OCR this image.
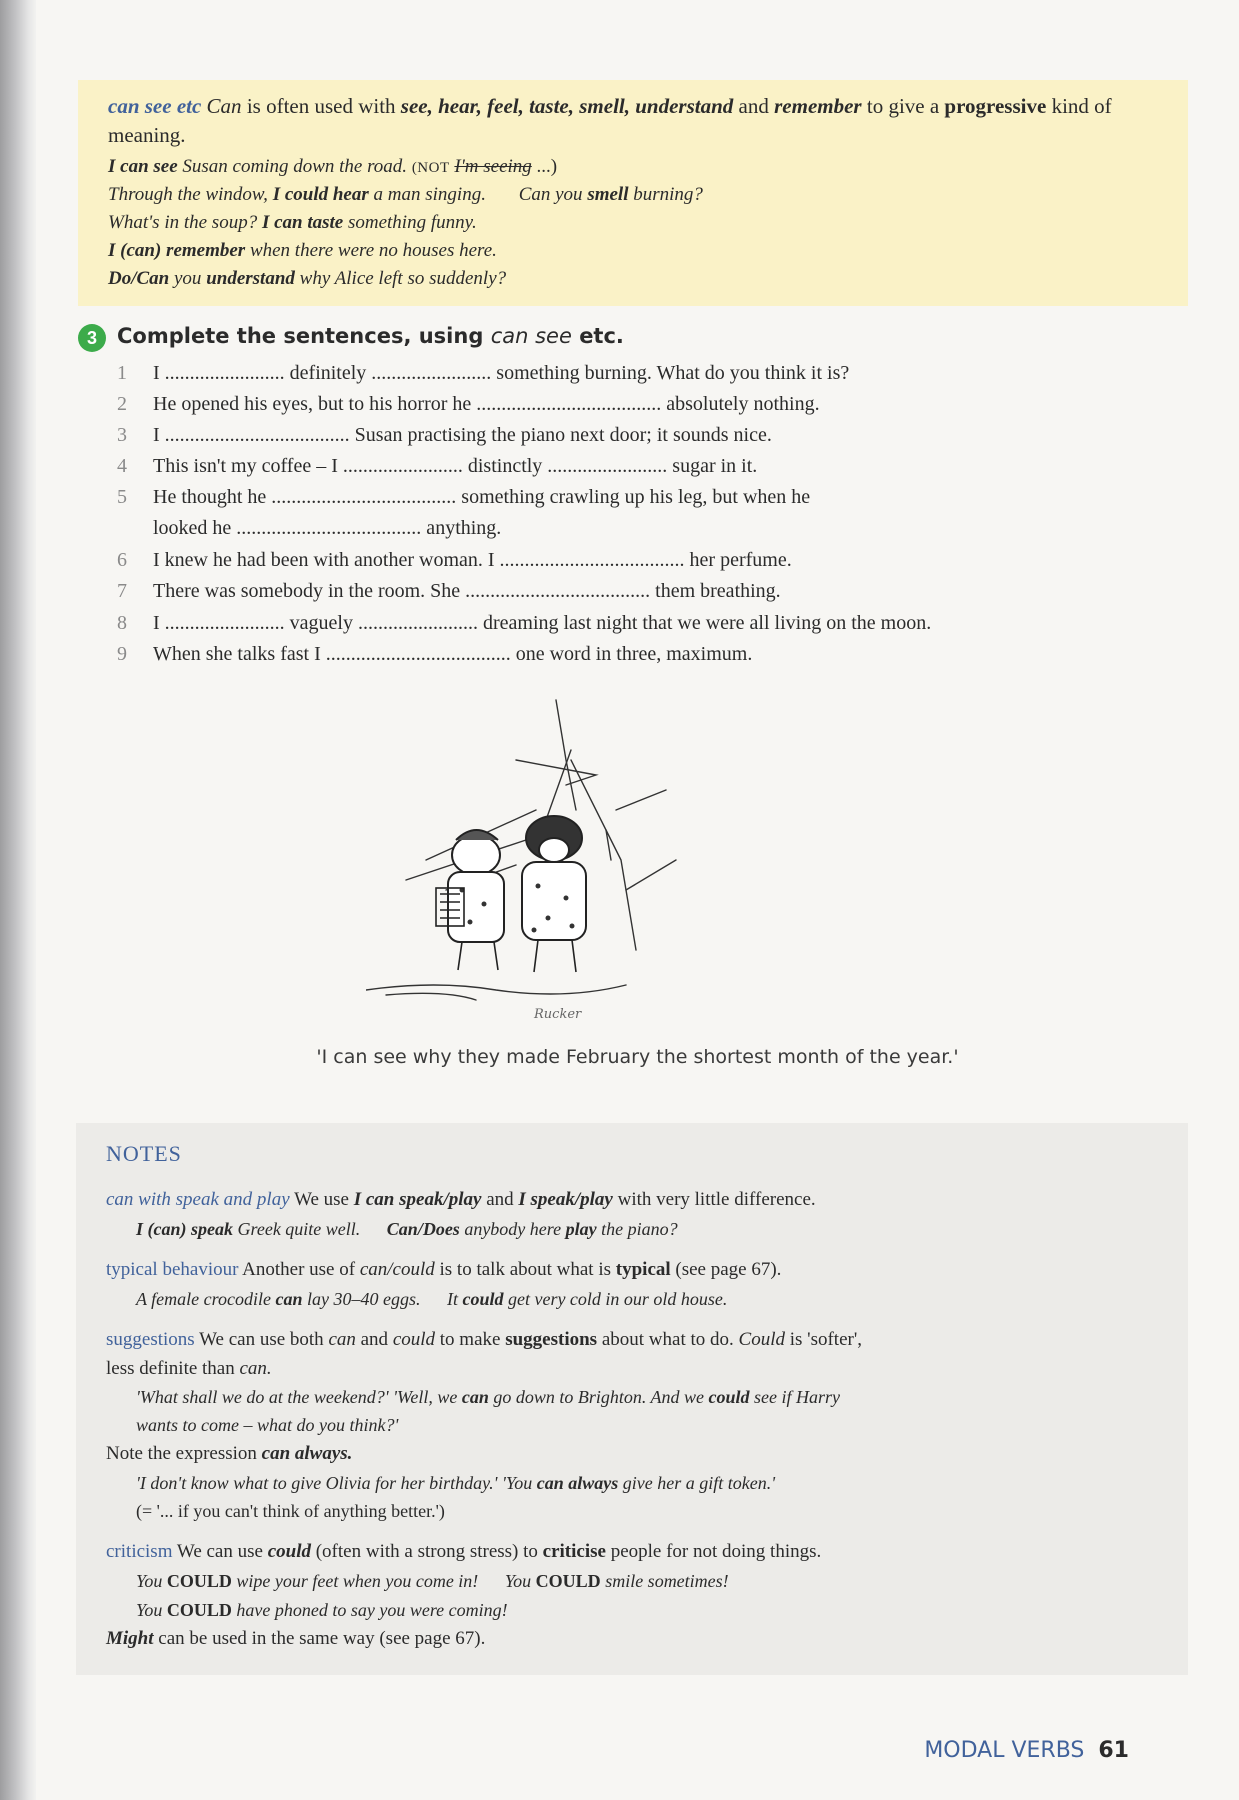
can see etc Can is often used with see, hear, feel, taste, smell, understand and remember to give a progressive kind of meaning.

I can see Susan coming down the road. (NOT I'm seeing ...)

Through the window, I could hear a man singing. Can you smell burning?

What's in the soup? I can taste something funny.

I (can) remember when there were no houses here.

Do/Can you understand why Alice left so suddenly?

3 Complete the sentences, using can see etc.

1 I ........................ definitely ........................ something burning. What do you think it is?

2 He opened his eyes, but to his horror he ..................................... absolutely nothing.

3 I ..................................... Susan practising the piano next door; it sounds nice.

4 This isn't my coffee – I ........................ distinctly ........................ sugar in it.

5 He thought he ..................................... something crawling up his leg, but when he

looked he ..................................... anything.

6 I knew he had been with another woman. I ..................................... her perfume.

7 There was somebody in the room. She ..................................... them breathing.

8 I ........................ vaguely ........................ dreaming last night that we were all living on the moon.

9 When she talks fast I ..................................... one word in three, maximum.

Rucker

'I can see why they made February the shortest month of the year.'

NOTES

can with speak and play We use I can speak/play and I speak/play with very little difference.

I (can) speak Greek quite well. Can/Does anybody here play the piano?

typical behaviour Another use of can/could is to talk about what is typical (see page 67).

A female crocodile can lay 30–40 eggs. It could get very cold in our old house.

suggestions We can use both can and could to make suggestions about what to do. Could is 'softer',

less definite than can.

'What shall we do at the weekend?' 'Well, we can go down to Brighton. And we could see if Harry

wants to come – what do you think?'

Note the expression can always.

'I don't know what to give Olivia for her birthday.' 'You can always give her a gift token.'

(= '... if you can't think of anything better.')

criticism We can use could (often with a strong stress) to criticise people for not doing things.

You COULD wipe your feet when you come in! You COULD smile sometimes!

You COULD have phoned to say you were coming!

Might can be used in the same way (see page 67).

MODAL VERBS 61
